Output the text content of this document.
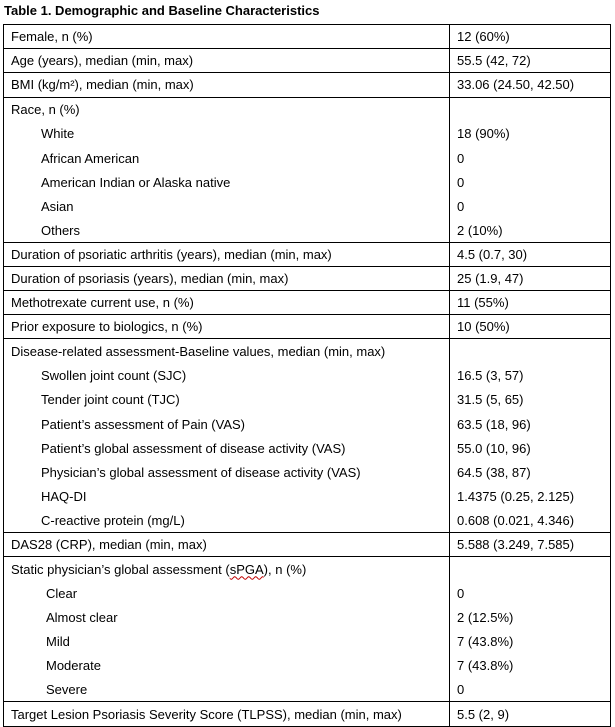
Table 1. Demographic and Baseline Characteristics
Female, n (%)	12 (60%)
Age (years), median (min, max)	55.5 (42, 72)
BMI (kg/m²), median (min, max)	33.06 (24.50, 42.50)
Race, n (%)
White	18 (90%)
African American	0
American Indian or Alaska native	0
Asian	0
Others	2 (10%)
Duration of psoriatic arthritis (years), median (min, max)	4.5 (0.7, 30)
Duration of psoriasis (years), median (min, max)	25 (1.9, 47)
Methotrexate current use, n (%)	11 (55%)
Prior exposure to biologics, n (%)	10 (50%)
Disease-related assessment-Baseline values, median (min, max)
Swollen joint count (SJC)	16.5 (3, 57)
Tender joint count (TJC)	31.5 (5, 65)
Patient’s assessment of Pain (VAS)	63.5 (18, 96)
Patient’s global assessment of disease activity (VAS)	55.0 (10, 96)
Physician’s global assessment of disease activity (VAS)	64.5 (38, 87)
HAQ-DI	1.4375 (0.25, 2.125)
C-reactive protein (mg/L)	0.608 (0.021, 4.346)
DAS28 (CRP), median (min, max)	5.588 (3.249, 7.585)
Static physician’s global assessment ( sPGA ), n (%)
Clear	0
Almost clear	2 (12.5%)
Mild	7 (43.8%)
Moderate	7 (43.8%)
Severe	0
Target Lesion Psoriasis Severity Score (TLPSS), median (min, max)	5.5 (2, 9)
